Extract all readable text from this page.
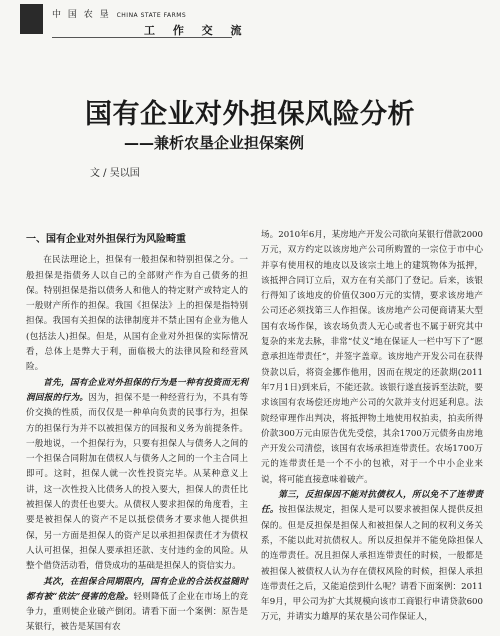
中 国 农 垦 CHINA STATE FARMS
工 作 交 流
国有企业对外担保风险分析
——兼析农垦企业担保案例
文 / 吴以国
一、国有企业对外担保行为风险畸重

在民法理论上，担保有一般担保和特别担保之分。一般担保是指债务人以自己的全部财产作为自己债务的担保。特别担保是指以债务人和他人的特定财产或特定人的一般财产所作的担保。我国《担保法》上的担保是指特别担保。我国有关担保的法律制度并不禁止国有企业为他人(包括法人)担保。但是，从国有企业对外担保的实际情况看，总体上是弊大于利，面临极大的法律风险和经营风险。

首先，国有企业对外担保的行为是一种有投资而无利润回报的行为。因为，担保不是一种经营行为，不具有等价交换的性质，而仅仅是一种单向负责的民事行为，担保方的担保行为并不以被担保方的回报和义务为前提条件。一般地说，一个担保行为，只要有担保人与债务人之间的一个担保合同附加在债权人与债务人之间的一个主合同上即可。这时，担保人就一次性投资完毕。从某种意义上讲，这一次性投入比债务人的投入要大，担保人的责任比被担保人的责任也要大。从债权人要求担保的角度看，主要是被担保人的资产不足以抵偿债务才要求他人提供担保，另一方面是担保人的资产足以承担担保责任才为债权人认可担保，担保人要承担还款、支付违约金的风险。从整个借贷活动看，借贷成功的基础是担保人的资信实力。

其次，在担保合同期限内，国有企业的合法权益随时都有被“依法”侵害的危险。轻则降低了企业在市场上的竞争力，重则使企业破产倒闭。请看下面一个案例：原告是某银行，被告是某国有农

场。2010年6月，某房地产开发公司欲向某银行借款2000万元，双方约定以该房地产公司所购置的一宗位于市中心并享有使用权的地皮以及该宗土地上的建筑物体为抵押，该抵押合同订立后，双方在有关部门了登记。后来，该银行得知了该地皮的价值仅300万元的实情，要求该房地产公司还必须找第三人作担保。该房地产公司便商请某大型国有农场作保，该农场负责人无心或者也不属于研究其中复杂的来龙去脉，非常“仗义”地在保证人一栏中写下了“愿意承担连带责任”，并签字盖章。该房地产开发公司在获得贷款以后，将资金挪作他用，因而在规定的还款期(2011年7月1日)到来后，不能还款。该银行遂直接诉至法院，要求该国有农场偿还房地产公司的欠款并支付迟延利息。法院经审理作出判决，将抵押物土地使用权拍卖，拍卖所得价款300万元由原告优先受偿，其余1700万元债务由房地产开发公司清偿，该国有农场承担连带责任。农场1700万元的连带责任是一个不小的包袱，对于一个中小企业来说，将可能直接意味着破产。

第三，反担保因不能对抗债权人，所以免不了连带责任。按担保法规定，担保人是可以要求被担保人提供反担保的。但是反担保是担保人和被担保人之间的权利义务关系，不能以此对抗债权人。所以反担保并不能免除担保人的连带责任。况且担保人承担连带责任的时候，一般都是被担保人被债权人认为存在债权风险的时候，担保人承担连带责任之后，又能追偿到什么呢？请看下面案例：2011年9月，甲公司为扩大其规模向该市工商银行申请贷款600万元，并请实力雄厚的某农垦公司作保证人，
